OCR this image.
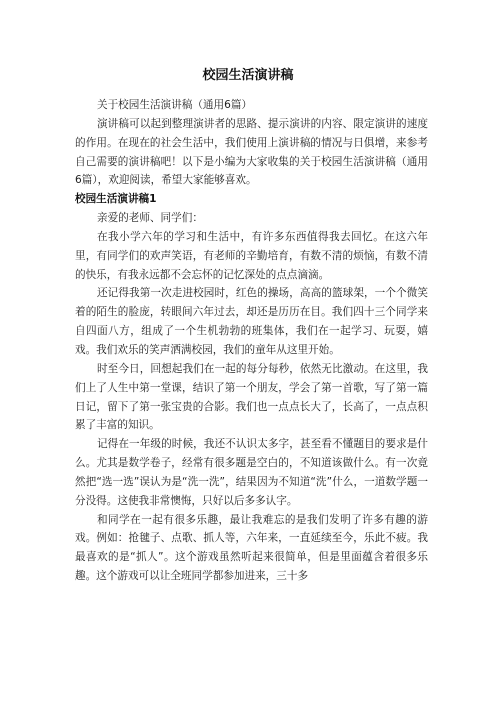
校园生活演讲稿

关于校园生活演讲稿（通用6篇）

演讲稿可以起到整理演讲者的思路、提示演讲的内容、限定演讲的速度的作用。在现在的社会生活中，我们使用上演讲稿的情况与日俱增，来参考自己需要的演讲稿吧！以下是小编为大家收集的关于校园生活演讲稿（通用6篇），欢迎阅读，希望大家能够喜欢。

校园生活演讲稿1

亲爱的老师、同学们：

在我小学六年的学习和生活中，有许多东西值得我去回忆。在这六年里，有同学们的欢声笑语，有老师的辛勤培育，有数不清的烦恼，有数不清的快乐，有我永远都不会忘怀的记忆深处的点点滴滴。

还记得我第一次走进校园时，红色的操场，高高的篮球架，一个个微笑着的陌生的脸庞，转眼间六年过去，却还是历历在目。我们四十三个同学来自四面八方，组成了一个生机勃勃的班集体，我们在一起学习、玩耍，嬉戏。我们欢乐的笑声洒满校园，我们的童年从这里开始。

时至今日，回想起我们在一起的每分每秒，依然无比激动。在这里，我们上了人生中第一堂课，结识了第一个朋友，学会了第一首歌，写了第一篇日记，留下了第一张宝贵的合影。我们也一点点长大了，长高了，一点点积累了丰富的知识。

记得在一年级的时候，我还不认识太多字，甚至看不懂题目的要求是什么。尤其是数学卷子，经常有很多题是空白的，不知道该做什么。有一次竟然把“选一选”误认为是“洗一洗”，结果因为不知道“洗”什么，一道数学题一分没得。这使我非常懊悔，只好以后多多认字。

和同学在一起有很多乐趣，最让我难忘的是我们发明了许多有趣的游戏。例如：抢毽子、点歌、抓人等，六年来，一直延续至今，乐此不疲。我最喜欢的是“抓人”。这个游戏虽然听起来很简单，但是里面蕴含着很多乐趣。这个游戏可以让全班同学都参加进来，三十多
